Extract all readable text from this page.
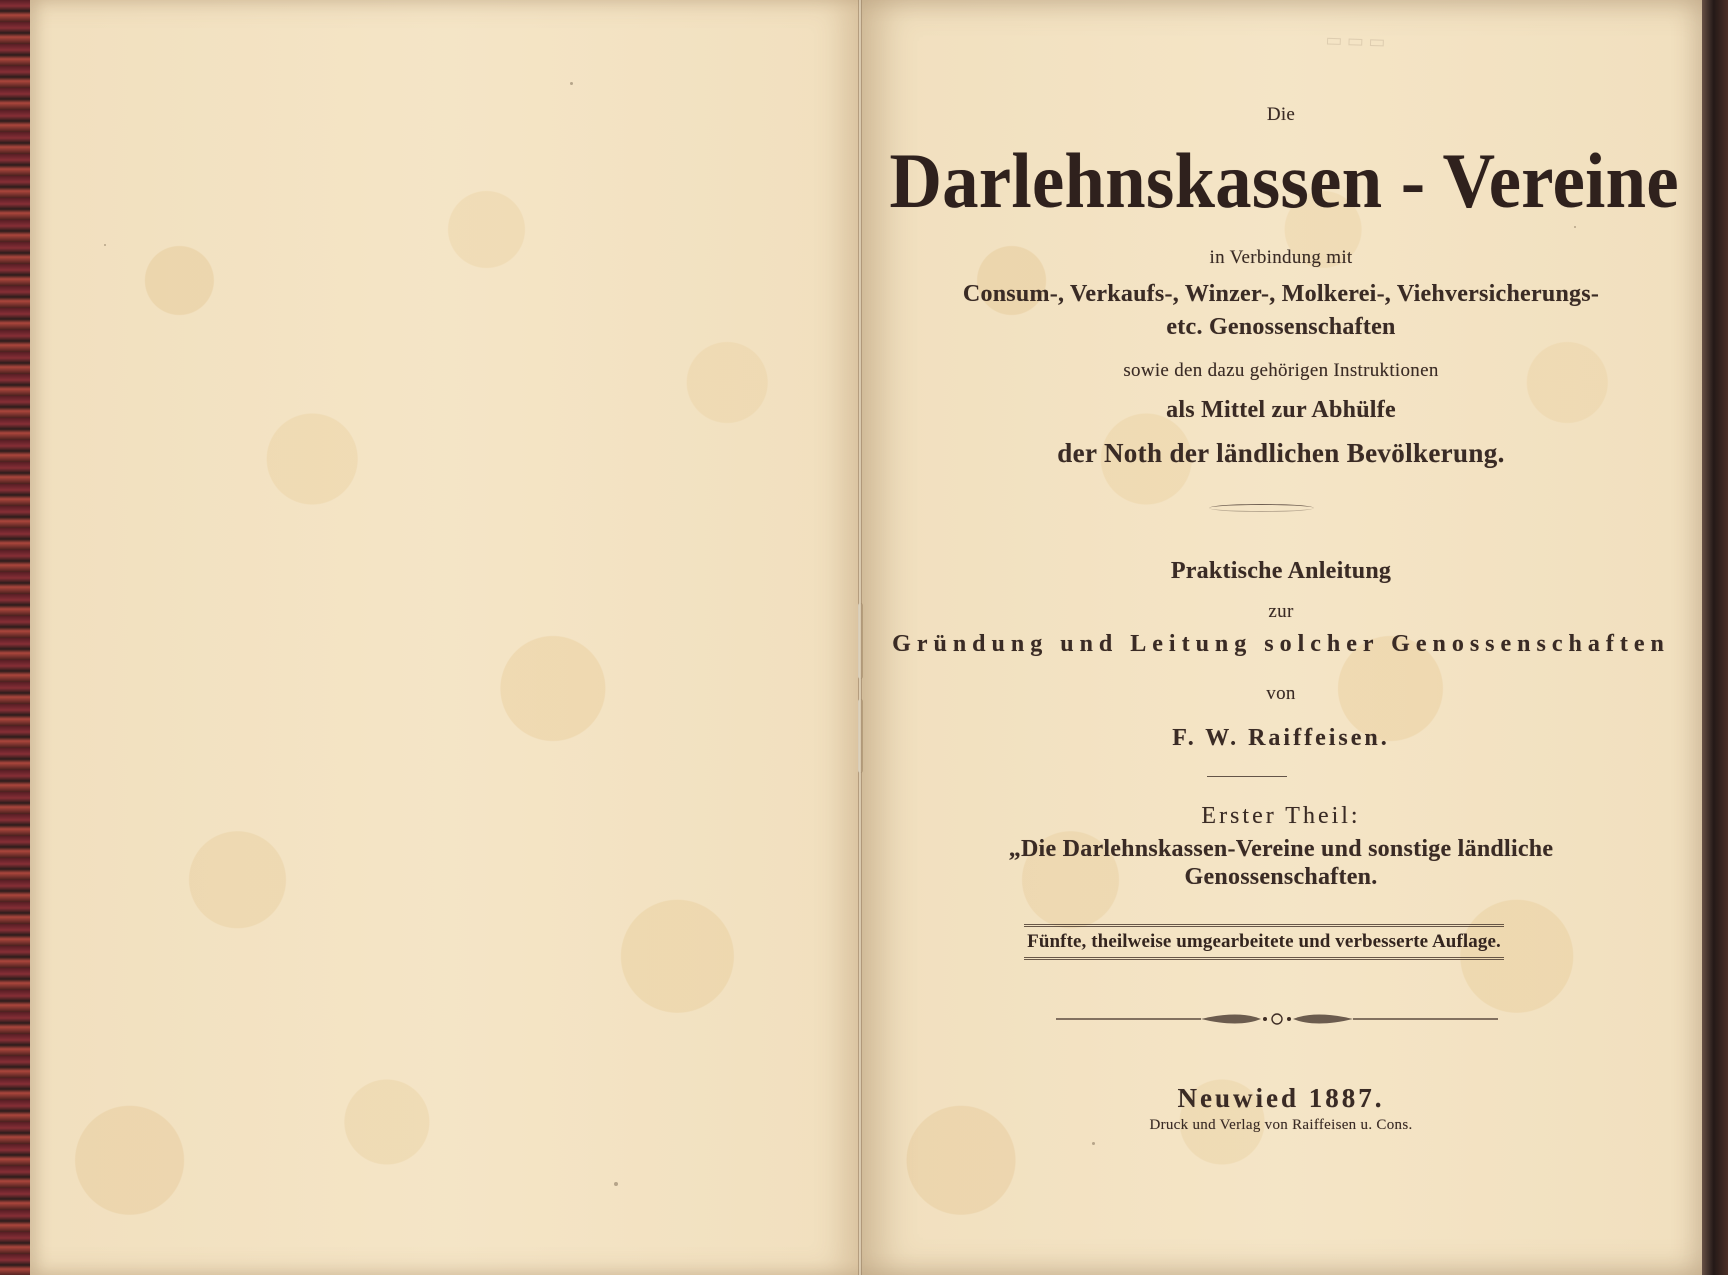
▭ ▭ ▭
Die
Darlehnskassen - Vereine
in Verbindung mit
Consum-, Verkaufs-, Winzer-, Molkerei-, Viehversicherungs-
etc. Genossenschaften
sowie den dazu gehörigen Instruktionen
als Mittel zur Abhülfe
der Noth der ländlichen Bevölkerung.
Praktische Anleitung
zur
Gründung und Leitung solcher Genossenschaften
von
F. W. Raiffeisen.
Erster Theil:
„Die Darlehnskassen-Vereine und sonstige ländliche
Genossenschaften.
Fünfte, theilweise umgearbeitete und verbesserte Auflage.
Neuwied 1887.
Druck und Verlag von Raiffeisen u. Cons.
